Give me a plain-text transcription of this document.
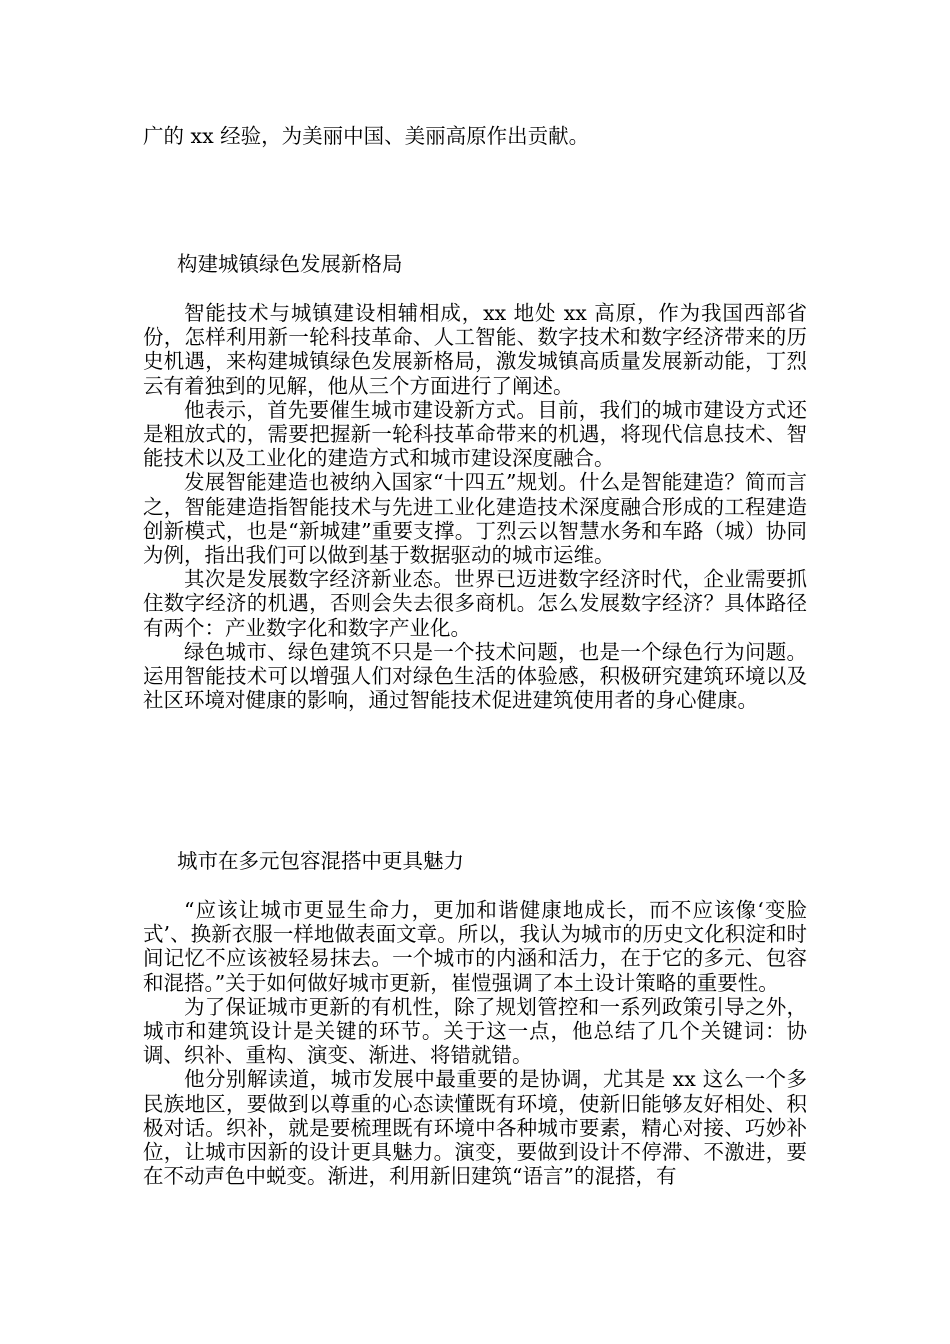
广的 xx 经验，为美丽中国、美丽高原作出贡献。

构建城镇绿色发展新格局

智能技术与城镇建设相辅相成，xx 地处 xx 高原，作为我国西部省份，怎样利用新一轮科技革命、人工智能、数字技术和数字经济带来的历史机遇，来构建城镇绿色发展新格局，激发城镇高质量发展新动能，丁烈云有着独到的见解，他从三个方面进行了阐述。

他表示，首先要催生城市建设新方式。目前，我们的城市建设方式还是粗放式的，需要把握新一轮科技革命带来的机遇，将现代信息技术、智能技术以及工业化的建造方式和城市建设深度融合。

发展智能建造也被纳入国家“十四五”规划。什么是智能建造？简而言之，智能建造指智能技术与先进工业化建造技术深度融合形成的工程建造创新模式，也是“新城建”重要支撑。丁烈云以智慧水务和车路（城）协同为例，指出我们可以做到基于数据驱动的城市运维。

其次是发展数字经济新业态。世界已迈进数字经济时代，企业需要抓住数字经济的机遇，否则会失去很多商机。怎么发展数字经济？具体路径有两个：产业数字化和数字产业化。

绿色城市、绿色建筑不只是一个技术问题，也是一个绿色行为问题。运用智能技术可以增强人们对绿色生活的体验感，积极研究建筑环境以及社区环境对健康的影响，通过智能技术促进建筑使用者的身心健康。

城市在多元包容混搭中更具魅力

“应该让城市更显生命力，更加和谐健康地成长，而不应该像‘变脸式’、换新衣服一样地做表面文章。所以，我认为城市的历史文化积淀和时间记忆不应该被轻易抹去。一个城市的内涵和活力，在于它的多元、包容和混搭。”关于如何做好城市更新，崔愷强调了本土设计策略的重要性。

为了保证城市更新的有机性，除了规划管控和一系列政策引导之外，城市和建筑设计是关键的环节。关于这一点，他总结了几个关键词：协调、织补、重构、演变、渐进、将错就错。

他分别解读道，城市发展中最重要的是协调，尤其是 xx 这么一个多民族地区，要做到以尊重的心态读懂既有环境，使新旧能够友好相处、积极对话。织补，就是要梳理既有环境中各种城市要素，精心对接、巧妙补位，让城市因新的设计更具魅力。演变，要做到设计不停滞、不激进，要在不动声色中蜕变。渐进，利用新旧建筑“语言”的混搭，有
